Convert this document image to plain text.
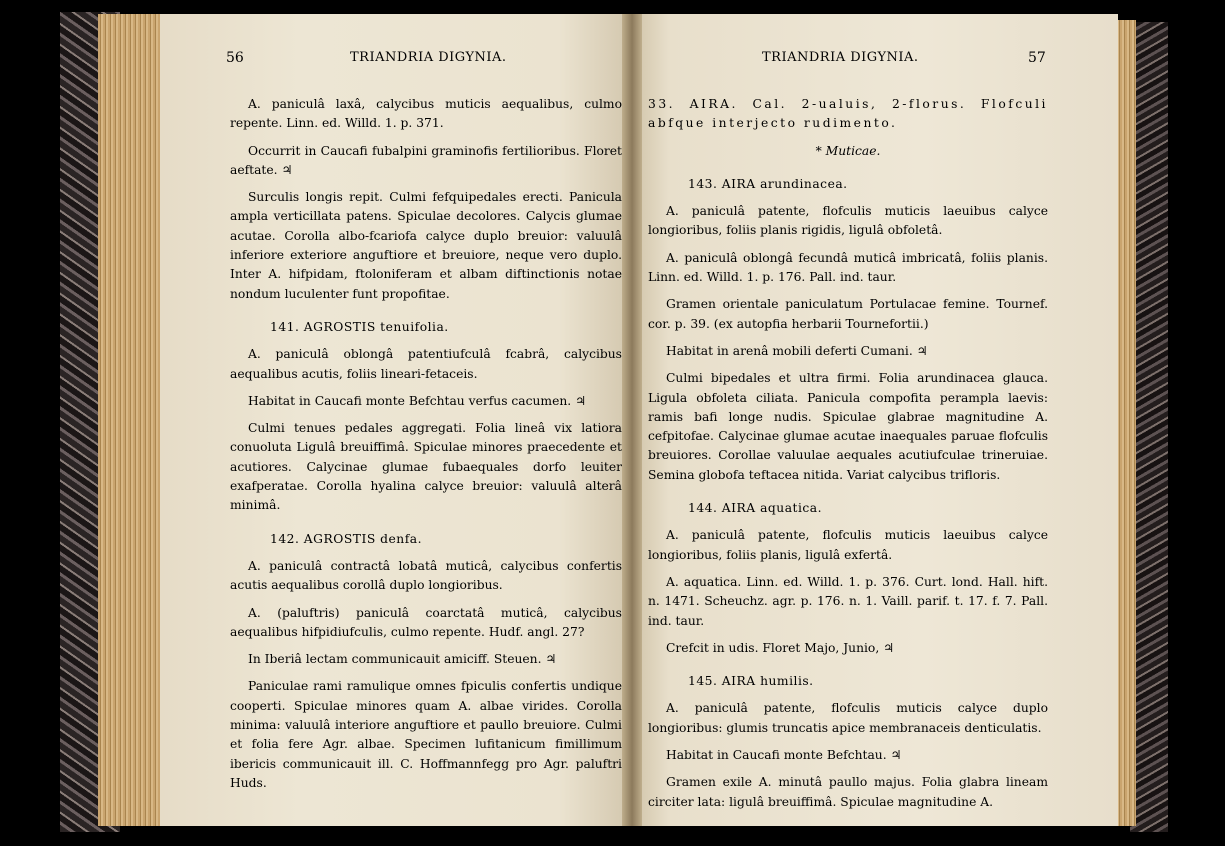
56	TRIANDRIA DIGYNIA.	TRIANDRIA DIGYNIA.	57

A. paniculâ laxâ, calycibus muticis aequalibus, culmo repente. Linn. ed. Willd. 1. p. 371.

Occurrit in Caucafi fubalpini graminofis fertilioribus. Floret aeftate. ♃

Surculis longis repit. Culmi fefquipedales erecti. Panicula ampla verticillata patens. Spiculae decolores. Calycis glumae acutae. Corolla albo-fcariofa calyce duplo breuior: valuulâ inferiore exteriore anguftiore et breuiore, neque vero duplo. Inter A. hifpidam, ftoloniferam et albam diftinctionis notae nondum luculenter funt propofitae.

141. AGROSTIS tenuifolia.

A. paniculâ oblongâ patentiufculâ fcabrâ, calycibus aequalibus acutis, foliis lineari-fetaceis.

Habitat in Caucafi monte Befchtau verfus cacumen. ♃

Culmi tenues pedales aggregati. Folia lineâ vix latiora conuoluta Ligulâ breuiffimâ. Spiculae minores praecedente et acutiores. Calycinae glumae fubaequales dorfo leuiter exafperatae. Corolla hyalina calyce breuior: valuulâ alterâ minimâ.

142. AGROSTIS denfa.

A. paniculâ contractâ lobatâ muticâ, calycibus confertis acutis aequalibus corollâ duplo longioribus.

A. (paluftris) paniculâ coarctatâ muticâ, calycibus aequalibus hifpidiufculis, culmo repente. Hudf. angl. 27?

In Iberiâ lectam communicauit amiciff. Steuen. ♃

Paniculae rami ramulique omnes fpiculis confertis undique cooperti. Spiculae minores quam A. albae virides. Corolla minima: valuulâ interiore anguftiore et paullo breuiore. Culmi et folia fere Agr. albae. Specimen lufitanicum fimillimum ibericis communicauit ill. C. Hoffmannfegg pro Agr. paluftri Huds.

33. AIRA. Cal. 2-ualuis, 2-florus. Flofculi abfque interjecto rudimento.

* Muticae.

143. AIRA arundinacea.

A. paniculâ patente, flofculis muticis laeuibus calyce longioribus, foliis planis rigidis, ligulâ obfoletâ.

A. paniculâ oblongâ fecundâ muticâ imbricatâ, foliis planis. Linn. ed. Willd. 1. p. 176. Pall. ind. taur.

Gramen orientale paniculatum Portulacae femine. Tournef. cor. p. 39. (ex autopfia herbarii Tournefortii.)

Habitat in arenâ mobili deferti Cumani. ♃

Culmi bipedales et ultra firmi. Folia arundinacea glauca. Ligula obfoleta ciliata. Panicula compofita perampla laevis: ramis bafi longe nudis. Spiculae glabrae magnitudine A. cefpitofae. Calycinae glumae acutae inaequales paruae flofculis breuiores. Corollae valuulae aequales acutiufculae trineruiae. Semina globofa teftacea nitida. Variat calycibus trifloris.

144. AIRA aquatica.

A. paniculâ patente, flofculis muticis laeuibus calyce longioribus, foliis planis, ligulâ exfertâ.

A. aquatica. Linn. ed. Willd. 1. p. 376. Curt. lond. Hall. hift. n. 1471. Scheuchz. agr. p. 176. n. 1. Vaill. parif. t. 17. f. 7. Pall. ind. taur.

Crefcit in udis. Floret Majo, Junio, ♃

145. AIRA humilis.

A. paniculâ patente, flofculis muticis calyce duplo longioribus: glumis truncatis apice membranaceis denticulatis.

Habitat in Caucafi monte Befchtau. ♃

Gramen exile A. minutâ paullo majus. Folia glabra lineam circiter lata: ligulâ breuiffimâ. Spiculae magnitudine A.
